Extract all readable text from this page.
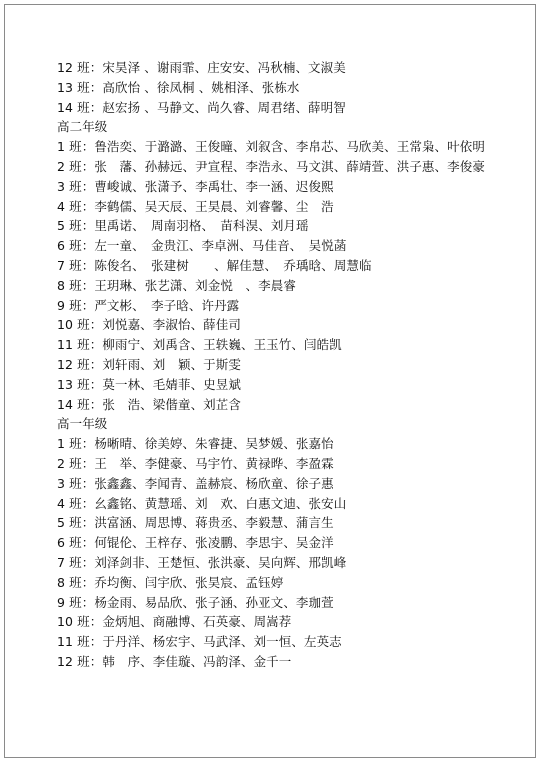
12 班：宋昊泽 、谢雨霏、庄安安、冯秋楠、文淑美
13 班：高欣怡 、徐凤桐 、姚相泽、张栋水
14 班：赵宏扬 、马静文、尚久睿、周君绪、薛明智
高二年级
1 班：鲁浩奕、于潞潞、王俊曈、刘叙含、李帛芯、马欣美、王常枭、叶依明
2 班：张　藩、孙赫远、尹宣程、李浩永、马文淇、薛靖萱、洪子惠、李俊豪
3 班：曹峻诚、张潇予、李禹壮、李一涵、迟俊熙
4 班：李鹤儒、吴天辰、王昊晨、刘睿馨、尘　浩
5 班：里禹诺、　周南羽格、　苗科淏、刘月瑶
6 班：左一童、　金贵江、李卓洲、马佳音、　吴悦菡
7 班：陈俊名、　张建树　　、解佳慧、　乔瑀晗、周慧临
8 班：王玥琳、张艺潇、刘金悦　、李晨睿
9 班：严文彬、　李子晗、许丹露
10 班：刘悦嘉、李淑怡、薛佳司
11 班：柳雨宁、刘禹含、王轶巍、王玉竹、闫皓凯
12 班：刘轩雨、刘　颖、于斯雯
13 班：莫一林、毛婧菲、史昱斌
14 班：张　浩、梁偕童、刘芷含
高一年级
1 班：杨晰晴、徐美婷、朱睿捷、吴梦媛、张嘉怡
2 班：王　举、李健豪、马宇竹、黄禄晔、李盈霖
3 班：张鑫鑫、李闻青、盖赫宸、杨欣童、徐子惠
4 班：幺鑫铭、黄慧瑶、刘　欢、白惠文迪、张安山
5 班：洪富涵、周思博、蒋贵丞、李毅慧、蒲言生
6 班：何锟伦、王梓存、张凌鹏、李思宇、吴金洋
7 班：刘泽剑非、王楚恒、张洪豪、吴向辉、邢凯峰
8 班：乔均衡、闫宇欣、张昊宸、孟钰婷
9 班：杨金雨、易品欣、张子涵、孙亚文、李珈萱
10 班：金炳旭、商融博、石英豪、周嵩荐
11 班：于丹洋、杨宏宇、马武泽、刘一恒、左英志
12 班：韩　序、李佳璇、冯韵泽、金千一
